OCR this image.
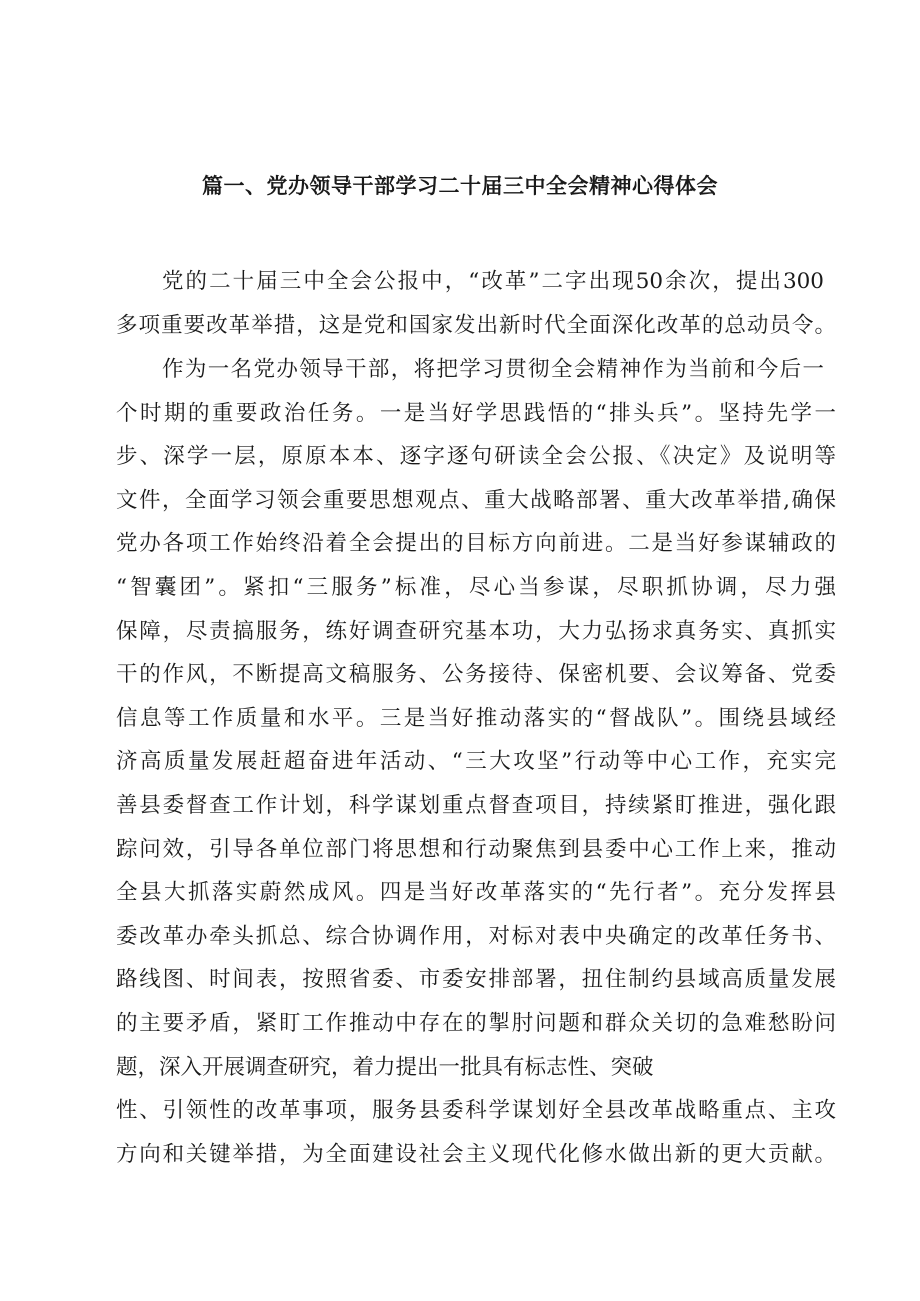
篇一、党办领导干部学习二十届三中全会精神心得体会
党的二十届三中全会公报中，“改革”二字出现50余次，提出300
多项重要改革举措，这是党和国家发出新时代全面深化改革的总动员令。
作为一名党办领导干部，将把学习贯彻全会精神作为当前和今后一
个时期的重要政治任务。一是当好学思践悟的“排头兵”。坚持先学一
步、深学一层，原原本本、逐字逐句研读全会公报、《决定》及说明等
文件，全面学习领会重要思想观点、重大战略部署、重大改革举措,确保
党办各项工作始终沿着全会提出的目标方向前进。二是当好参谋辅政的
“智囊团”。紧扣“三服务”标准，尽心当参谋，尽职抓协调，尽力强
保障，尽责搞服务，练好调查研究基本功，大力弘扬求真务实、真抓实
干的作风，不断提高文稿服务、公务接待、保密机要、会议筹备、党委
信息等工作质量和水平。三是当好推动落实的“督战队”。围绕县域经
济高质量发展赶超奋进年活动、“三大攻坚”行动等中心工作，充实完
善县委督查工作计划，科学谋划重点督查项目，持续紧盯推进，强化跟
踪问效，引导各单位部门将思想和行动聚焦到县委中心工作上来，推动
全县大抓落实蔚然成风。四是当好改革落实的“先行者”。充分发挥县
委改革办牵头抓总、综合协调作用，对标对表中央确定的改革任务书、
路线图、时间表，按照省委、市委安排部署，扭住制约县域高质量发展
的主要矛盾，紧盯工作推动中存在的掣肘问题和群众关切的急难愁盼问
题，深入开展调查研究，着力提出一批具有标志性、突破
性、引领性的改革事项，服务县委科学谋划好全县改革战略重点、主攻
方向和关键举措，为全面建设社会主义现代化修水做出新的更大贡献。
